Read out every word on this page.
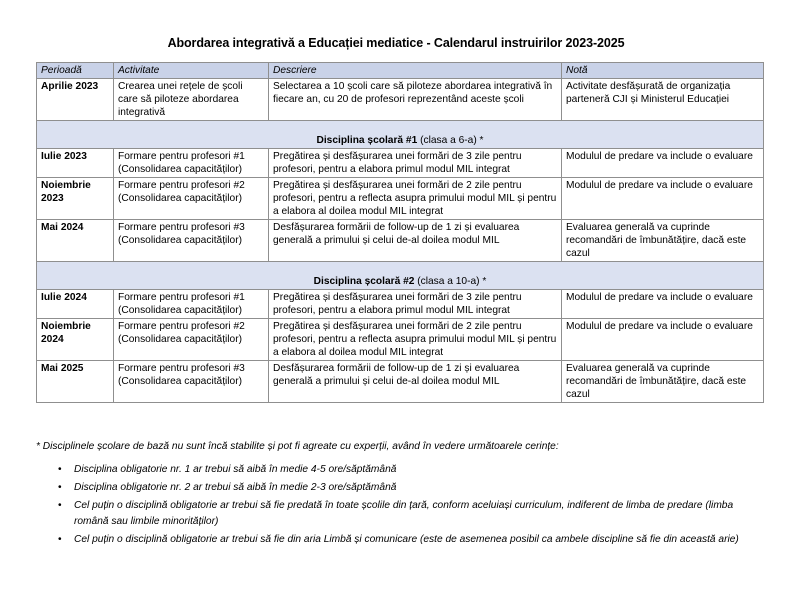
Abordarea integrativă a Educației mediatice - Calendarul instruirilor 2023-2025
Perioadă	Activitate	Descriere	Notă
Aprilie 2023	Crearea unei rețele de școli care să piloteze abordarea integrativă	Selectarea a 10 școli care să piloteze abordarea integrativă în fiecare an, cu 20 de profesori reprezentând aceste școli	Activitate desfășurată de organizația parteneră CJI și Ministerul Educației
Disciplina școlară #1 (clasa a 6-a) *			
Iulie 2023	Formare pentru profesori #1 (Consolidarea capacităților)	Pregătirea și desfășurarea unei formări de 3 zile pentru profesori, pentru a elabora primul modul MIL integrat	Modulul de predare va include o evaluare
Noiembrie 2023	Formare pentru profesori #2 (Consolidarea capacităților)	Pregătirea și desfășurarea unei formări de 2 zile pentru profesori, pentru a reflecta asupra primului modul MIL și pentru a elabora al doilea modul MIL integrat	Modulul de predare va include o evaluare
Mai 2024	Formare pentru profesori #3 (Consolidarea capacităților)	Desfășurarea formării de follow-up de 1 zi și evaluarea generală a primului și celui de-al doilea modul MIL	Evaluarea generală va cuprinde recomandări de îmbunătățire, dacă este cazul
Disciplina școlară #2 (clasa a 10-a) *			
Iulie 2024	Formare pentru profesori #1 (Consolidarea capacităților)	Pregătirea și desfășurarea unei formări de 3 zile pentru profesori, pentru a elabora primul modul MIL integrat	Modulul de predare va include o evaluare
Noiembrie 2024	Formare pentru profesori #2 (Consolidarea capacităților)	Pregătirea și desfășurarea unei formări de 2 zile pentru profesori, pentru a reflecta asupra primului modul MIL și pentru a elabora al doilea modul MIL integrat	Modulul de predare va include o evaluare
Mai 2025	Formare pentru profesori #3 (Consolidarea capacităților)	Desfășurarea formării de follow-up de 1 zi și evaluarea generală a primului și celui de-al doilea modul MIL	Evaluarea generală va cuprinde recomandări de îmbunătățire, dacă este cazul
* Disciplinele școlare de bază nu sunt încă stabilite și pot fi agreate cu experții, având în vedere următoarele cerințe:
• Disciplina obligatorie nr. 1 ar trebui să aibă în medie 4-5 ore/săptămână
• Disciplina obligatorie nr. 2 ar trebui să aibă în medie 2-3 ore/săptămână
• Cel puțin o disciplină obligatorie ar trebui să fie predată în toate școlile din țară, conform aceluiași curriculum, indiferent de limba de predare (limba română sau limbile minorităților)
• Cel puțin o disciplină obligatorie ar trebui să fie din aria Limbă și comunicare (este de asemenea posibil ca ambele discipline să fie din această arie)
